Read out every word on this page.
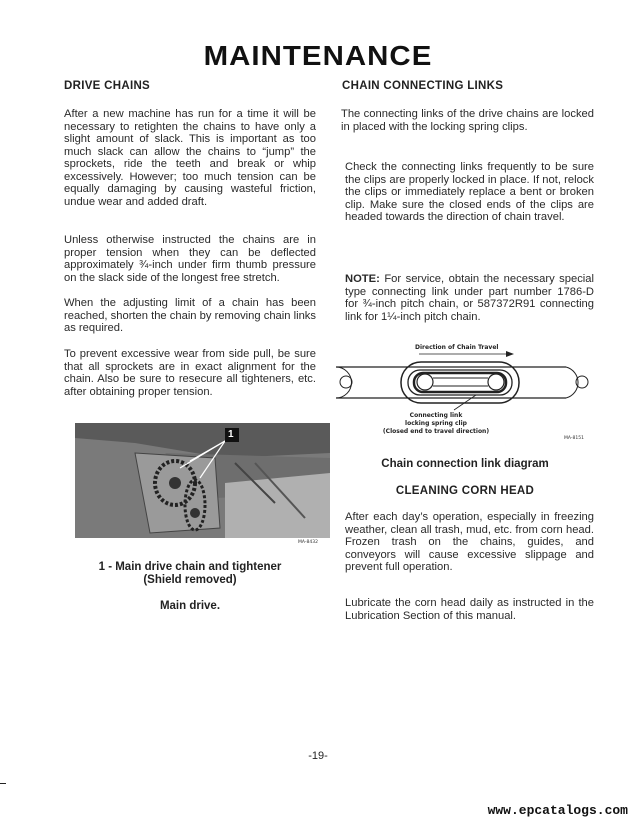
MAINTENANCE

DRIVE CHAINS

After a new machine has run for a time it will be necessary to retighten the chains to have only a slight amount of slack. This is important as too much slack can allow the chains to “jump” the sprockets, ride the teeth and break or whip excessively. However; too much tension can be equally damaging by causing wasteful friction, undue wear and added draft.

Unless otherwise instructed the chains are in proper tension when they can be deflected approximately ¾-inch under firm thumb pressure on the slack side of the longest free stretch.

When the adjusting limit of a chain has been reached, shorten the chain by removing chain links as required.

To prevent excessive wear from side pull, be sure that all sprockets are in exact alignment for the chain. Also be sure to resecure all tighteners, etc. after obtaining proper tension.

1
MA-8432
1 - Main drive chain and tightener
(Shield removed)
Main drive.

CHAIN CONNECTING LINKS

The connecting links of the drive chains are locked in placed with the locking spring clips.

Check the connecting links frequently to be sure the clips are properly locked in place. If not, relock the clips or immediately replace a bent or broken clip. Make sure the closed ends of the clips are headed towards the direction of chain travel.

NOTE: For service, obtain the necessary special type connecting link under part number 1786-D for ¾-inch pitch chain, or 587372R91 connecting link for 1¼-inch pitch chain.

Direction of Chain Travel
Connecting link
locking spring clip
(Closed end to travel direction)
MA-8151
Chain connection link diagram

CLEANING CORN HEAD

After each day’s operation, especially in freezing weather, clean all trash, mud, etc. from corn head. Frozen trash on the chains, guides, and conveyors will cause excessive slippage and prevent full operation.

Lubricate the corn head daily as instructed in the Lubrication Section of this manual.

-19-
www.epcatalogs.com
